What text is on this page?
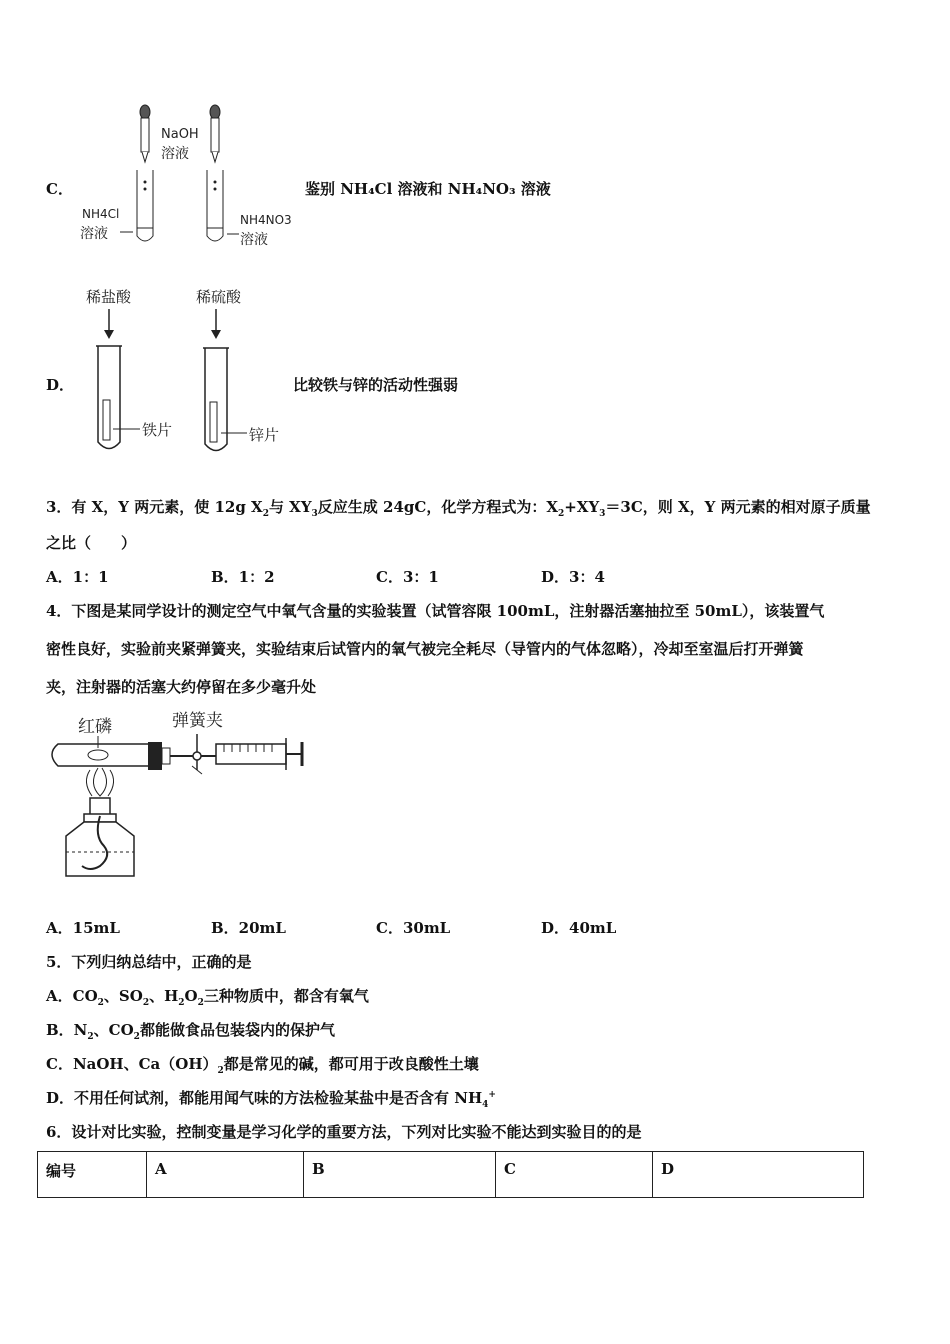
C．
NaOH
溶液
NH4Cl
溶液
NH4NO3
溶液
鉴别 NH₄Cl 溶液和 NH₄NO₃ 溶液
D．
稀盐酸	稀硫酸
铁片	锌片
比较铁与锌的活动性强弱
3．有 X，Y 两元素，使 12g $X_2$与 $XY_3$反应生成 24gC，化学方程式为：$X_2+XY_3=3C$，则 X，Y 两元素的相对原子质量
之比（　　）
A．1：1	B．1：2	C．3：1	D．3：4
4．下图是某同学设计的测定空气中氧气含量的实验装置（试管容限 100mL，注射器活塞抽拉至 50mL），该装置气
密性良好，实验前夹紧弹簧夹，实验结束后试管内的氧气被完全耗尽（导管内的气体忽略），冷却至室温后打开弹簧
夹，注射器的活塞大约停留在多少毫升处
红磷	弹簧夹
A．15mL	B．20mL	C．30mL	D．40mL
5．下列归纳总结中，正确的是
A．$CO_2$、$SO_2$、$H_2O_2$三种物质中，都含有氧气
B．$N_2$、$CO_2$都能做食品包装袋内的保护气
C．NaOH、$Ca(OH)_2$都是常见的碱，都可用于改良酸性土壤
D．不用任何试剂，都能用闻气味的方法检验某盐中是否含有 $NH_4^+$
6．设计对比实验，控制变量是学习化学的重要方法，下列对比实验不能达到实验目的的是
编号	A	B	C	D
